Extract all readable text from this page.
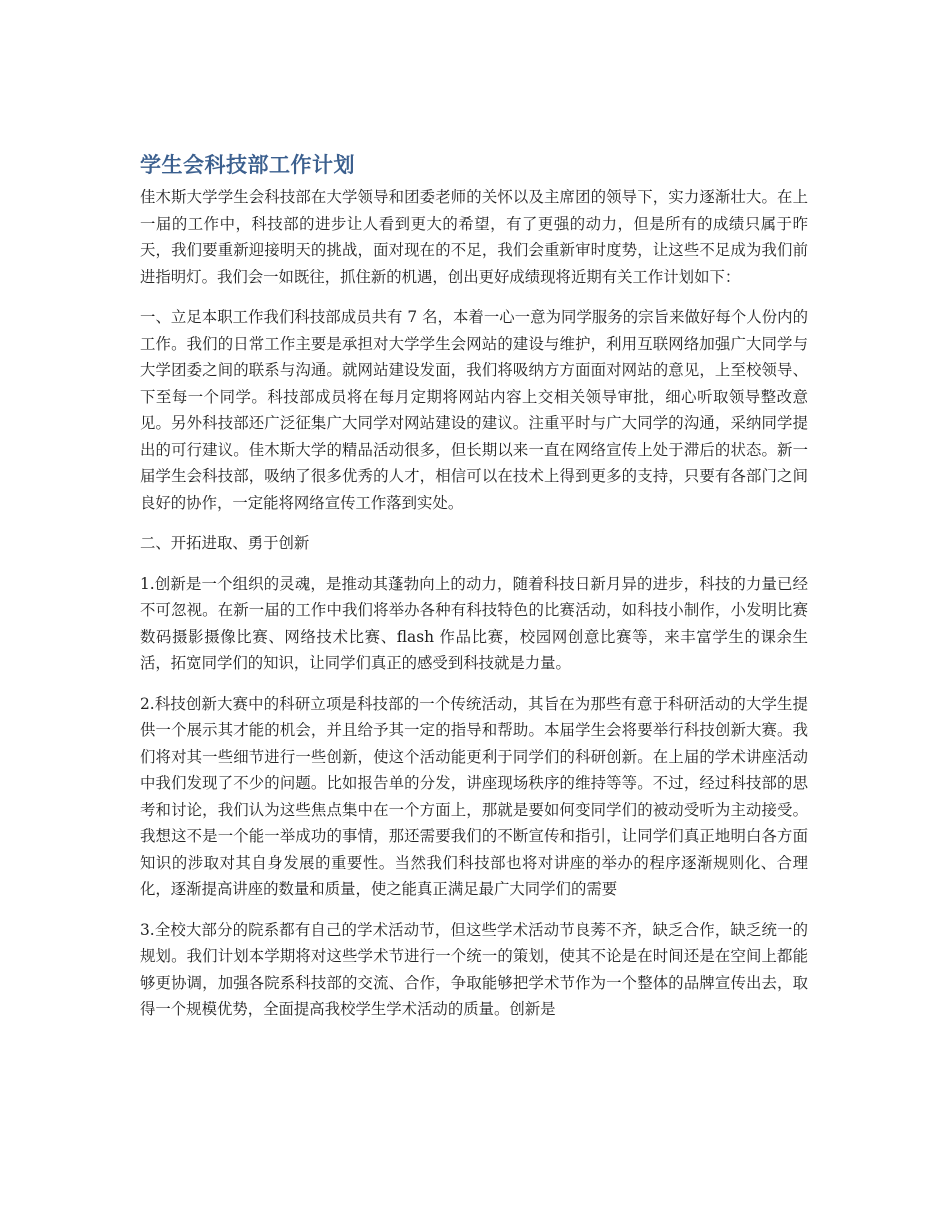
学生会科技部工作计划

佳木斯大学学生会科技部在大学领导和团委老师的关怀以及主席团的领导下，实力逐渐壮大。在上一届的工作中，科技部的进步让人看到更大的希望，有了更强的动力，但是所有的成绩只属于昨天，我们要重新迎接明天的挑战，面对现在的不足，我们会重新审时度势，让这些不足成为我们前进指明灯。我们会一如既往，抓住新的机遇，创出更好成绩现将近期有关工作计划如下：

一、立足本职工作我们科技部成员共有 7 名，本着一心一意为同学服务的宗旨来做好每个人份内的工作。我们的日常工作主要是承担对大学学生会网站的建设与维护，利用互联网络加强广大同学与大学团委之间的联系与沟通。就网站建设发面，我们将吸纳方方面面对网站的意见，上至校领导、下至每一个同学。科技部成员将在每月定期将网站内容上交相关领导审批，细心听取领导整改意见。另外科技部还广泛征集广大同学对网站建设的建议。注重平时与广大同学的沟通，采纳同学提出的可行建议。佳木斯大学的精品活动很多，但长期以来一直在网络宣传上处于滞后的状态。新一届学生会科技部，吸纳了很多优秀的人才，相信可以在技术上得到更多的支持，只要有各部门之间良好的协作，一定能将网络宣传工作落到实处。

二、开拓进取、勇于创新

1.创新是一个组织的灵魂，是推动其蓬勃向上的动力，随着科技日新月异的进步，科技的力量已经不可忽视。在新一届的工作中我们将举办各种有科技特色的比赛活动，如科技小制作，小发明比赛数码摄影摄像比赛、网络技术比赛、flash 作品比赛，校园网创意比赛等，来丰富学生的课余生活，拓宽同学们的知识，让同学们真正的感受到科技就是力量。

2.科技创新大赛中的科研立项是科技部的一个传统活动，其旨在为那些有意于科研活动的大学生提供一个展示其才能的机会，并且给予其一定的指导和帮助。本届学生会将要举行科技创新大赛。我们将对其一些细节进行一些创新，使这个活动能更利于同学们的科研创新。在上届的学术讲座活动中我们发现了不少的问题。比如报告单的分发，讲座现场秩序的维持等等。不过，经过科技部的思考和讨论，我们认为这些焦点集中在一个方面上，那就是要如何变同学们的被动受听为主动接受。我想这不是一个能一举成功的事情，那还需要我们的不断宣传和指引，让同学们真正地明白各方面知识的涉取对其自身发展的重要性。当然我们科技部也将对讲座的举办的程序逐渐规则化、合理化，逐渐提高讲座的数量和质量，使之能真正满足最广大同学们的需要

3.全校大部分的院系都有自己的学术活动节，但这些学术活动节良莠不齐，缺乏合作，缺乏统一的规划。我们计划本学期将对这些学术节进行一个统一的策划，使其不论是在时间还是在空间上都能够更协调，加强各院系科技部的交流、合作，争取能够把学术节作为一个整体的品牌宣传出去，取得一个规模优势，全面提高我校学生学术活动的质量。创新是
